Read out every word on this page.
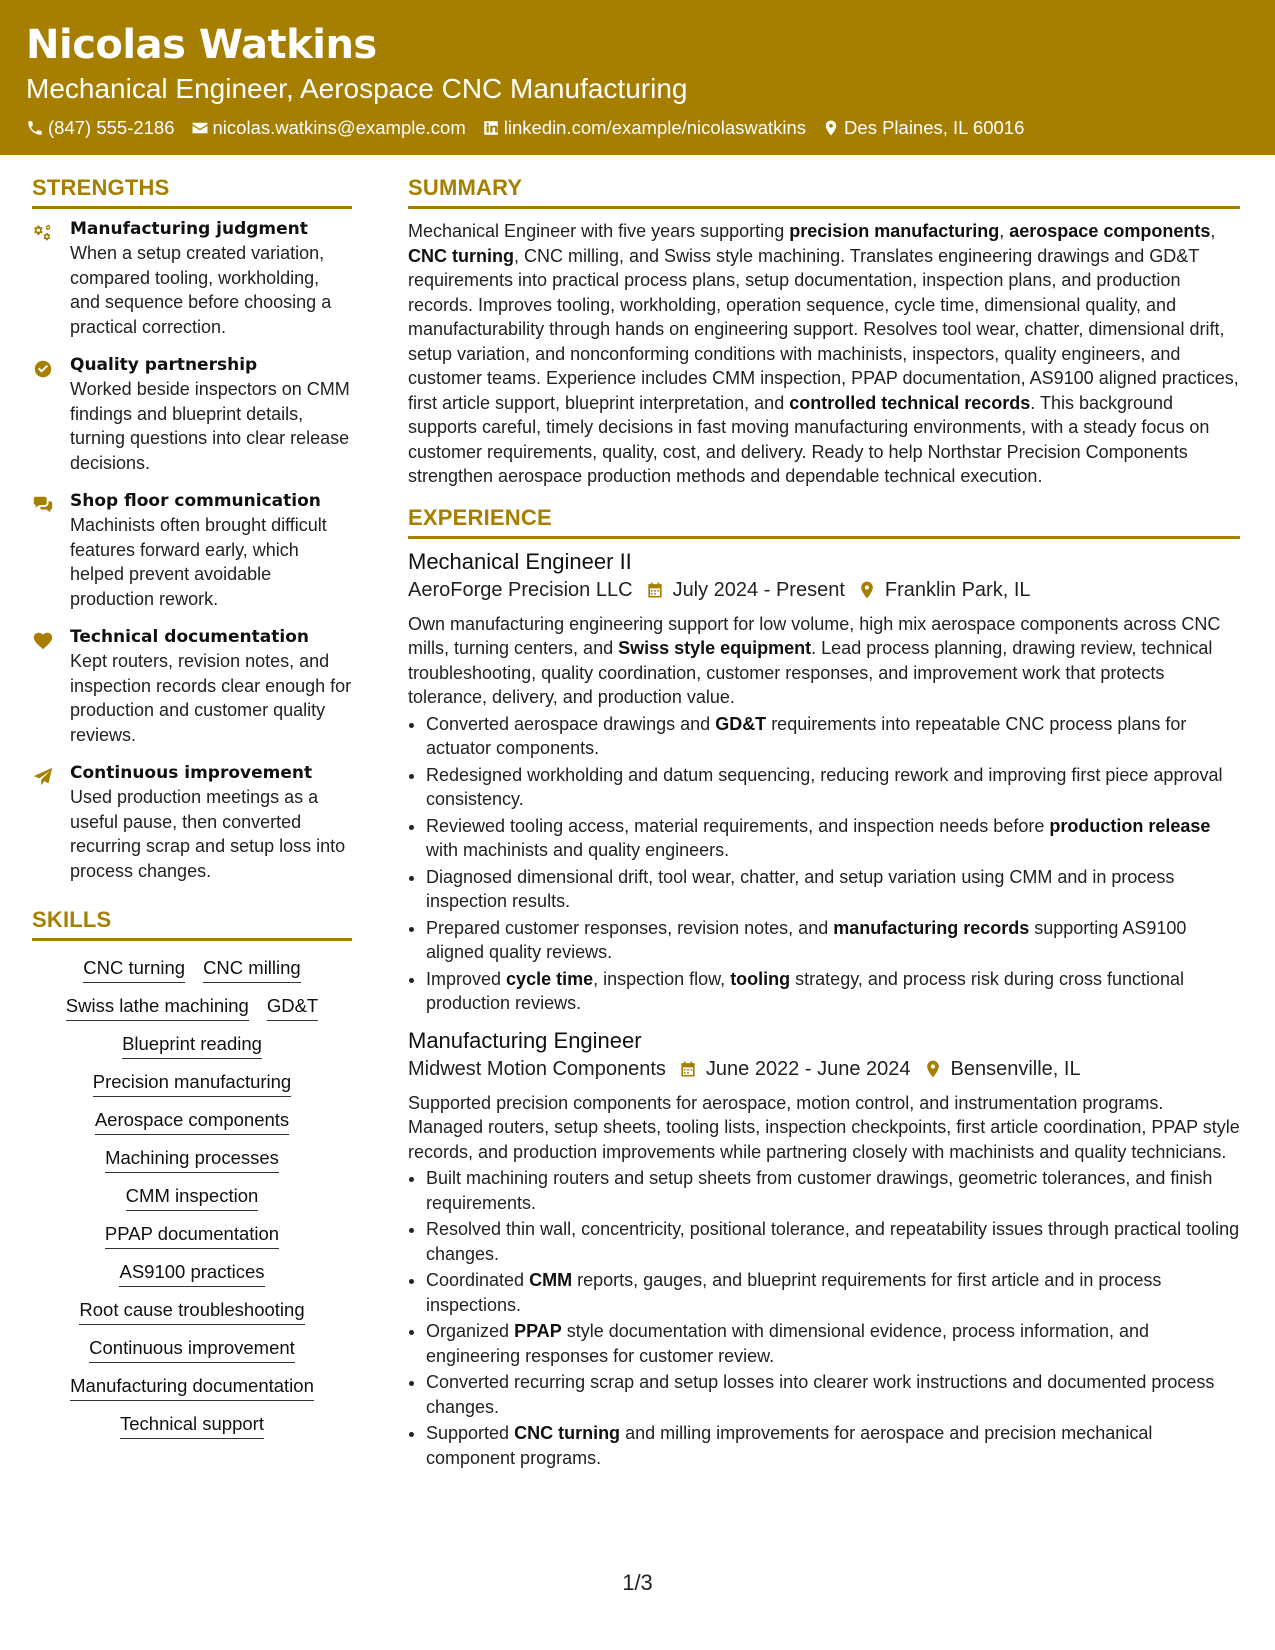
Nicolas Watkins
Mechanical Engineer, Aerospace CNC Manufacturing
(847) 555-2186 nicolas.watkins@example.com linkedin.com/example/nicolaswatkins Des Plaines, IL 60016
STRENGTHS
Manufacturing judgment
When a setup created variation, compared tooling, workholding, and sequence before choosing a practical correction.
Quality partnership
Worked beside inspectors on CMM findings and blueprint details, turning questions into clear release decisions.
Shop floor communication
Machinists often brought difficult features forward early, which helped prevent avoidable production rework.
Technical documentation
Kept routers, revision notes, and inspection records clear enough for production and customer quality reviews.
Continuous improvement
Used production meetings as a useful pause, then converted recurring scrap and setup loss into process changes.
SKILLS
CNC turning CNC milling
Swiss lathe machining GD&T
Blueprint reading
Precision manufacturing
Aerospace components
Machining processes
CMM inspection
PPAP documentation
AS9100 practices
Root cause troubleshooting
Continuous improvement
Manufacturing documentation
Technical support
SUMMARY
Mechanical Engineer with five years supporting precision manufacturing, aerospace components, CNC turning, CNC milling, and Swiss style machining. Translates engineering drawings and GD&T requirements into practical process plans, setup documentation, inspection plans, and production records. Improves tooling, workholding, operation sequence, cycle time, dimensional quality, and manufacturability through hands on engineering support. Resolves tool wear, chatter, dimensional drift, setup variation, and nonconforming conditions with machinists, inspectors, quality engineers, and customer teams. Experience includes CMM inspection, PPAP documentation, AS9100 aligned practices, first article support, blueprint interpretation, and controlled technical records. This background supports careful, timely decisions in fast moving manufacturing environments, with a steady focus on customer requirements, quality, cost, and delivery. Ready to help Northstar Precision Components strengthen aerospace production methods and dependable technical execution.
EXPERIENCE
Mechanical Engineer II
AeroForge Precision LLC July 2024 - Present Franklin Park, IL
Own manufacturing engineering support for low volume, high mix aerospace components across CNC mills, turning centers, and Swiss style equipment. Lead process planning, drawing review, technical troubleshooting, quality coordination, customer responses, and improvement work that protects tolerance, delivery, and production value.
• Converted aerospace drawings and GD&T requirements into repeatable CNC process plans for actuator components.
• Redesigned workholding and datum sequencing, reducing rework and improving first piece approval consistency.
• Reviewed tooling access, material requirements, and inspection needs before production release with machinists and quality engineers.
• Diagnosed dimensional drift, tool wear, chatter, and setup variation using CMM and in process inspection results.
• Prepared customer responses, revision notes, and manufacturing records supporting AS9100 aligned quality reviews.
• Improved cycle time, inspection flow, tooling strategy, and process risk during cross functional production reviews.
Manufacturing Engineer
Midwest Motion Components June 2022 - June 2024 Bensenville, IL
Supported precision components for aerospace, motion control, and instrumentation programs. Managed routers, setup sheets, tooling lists, inspection checkpoints, first article coordination, PPAP style records, and production improvements while partnering closely with machinists and quality technicians.
• Built machining routers and setup sheets from customer drawings, geometric tolerances, and finish requirements.
• Resolved thin wall, concentricity, positional tolerance, and repeatability issues through practical tooling changes.
• Coordinated CMM reports, gauges, and blueprint requirements for first article and in process inspections.
• Organized PPAP style documentation with dimensional evidence, process information, and engineering responses for customer review.
• Converted recurring scrap and setup losses into clearer work instructions and documented process changes.
• Supported CNC turning and milling improvements for aerospace and precision mechanical component programs.
1/3
